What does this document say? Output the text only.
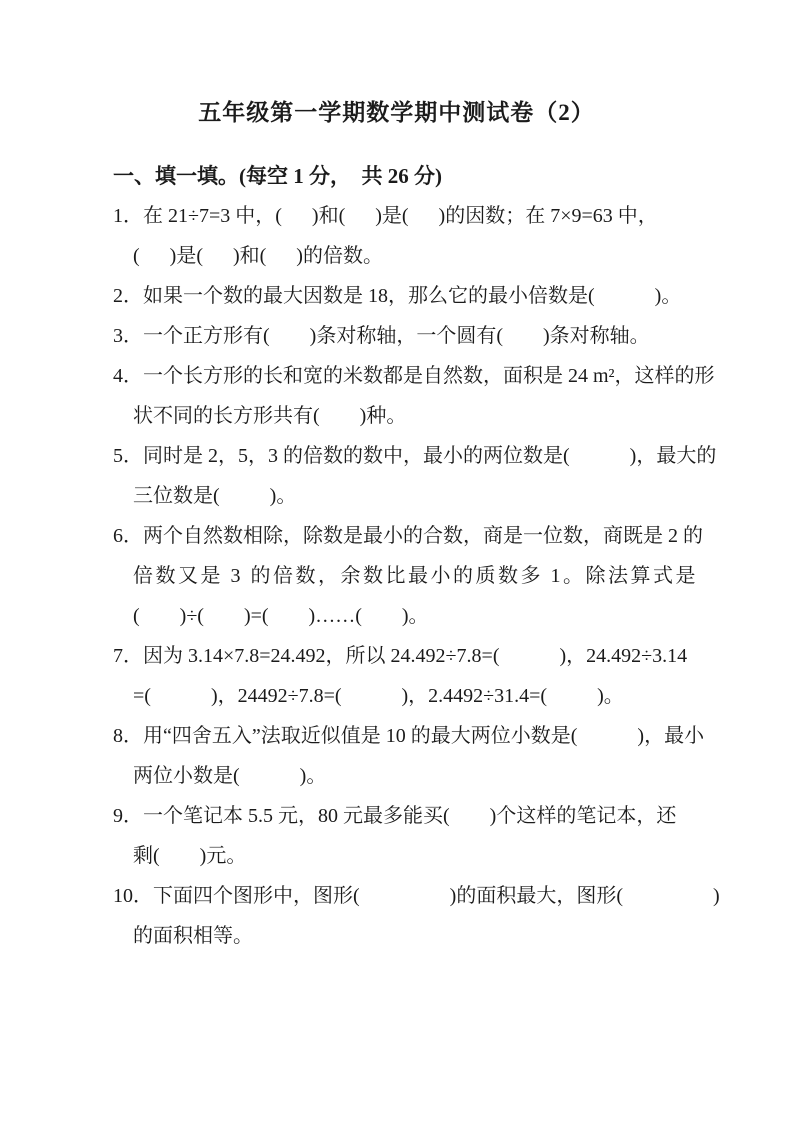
五年级第一学期数学期中测试卷（2）
一、填一填。(每空 1 分， 共 26 分)
1．在 21÷7=3 中，(  )和(  )是(  )的因数；在 7×9=63 中，
(  )是(  )和(  )的倍数。
2．如果一个数的最大因数是 18，那么它的最小倍数是(   )。
3．一个正方形有(  )条对称轴，一个圆有(  )条对称轴。
4．一个长方形的长和宽的米数都是自然数，面积是 24 m²，这样的形
状不同的长方形共有(  )种。
5．同时是 2，5，3 的倍数的数中，最小的两位数是(   )，最大的
三位数是(   )。
6．两个自然数相除，除数是最小的合数，商是一位数，商既是 2 的
倍数又是 3 的倍数，余数比最小的质数多 1。除法算式是
(  )÷(  )=(  )……(  )。
7．因为 3.14×7.8=24.492，所以 24.492÷7.8=(   )，24.492÷3.14
=(   )，24492÷7.8=(   )，2.4492÷31.4=(   )。
8．用“四舍五入”法取近似值是 10 的最大两位小数是(   )，最小
两位小数是(   )。
9．一个笔记本 5.5 元，80 元最多能买(   )个这样的笔记本，还
剩(  )元。
10．下面四个图形中，图形(     )的面积最大，图形(     )
的面积相等。
